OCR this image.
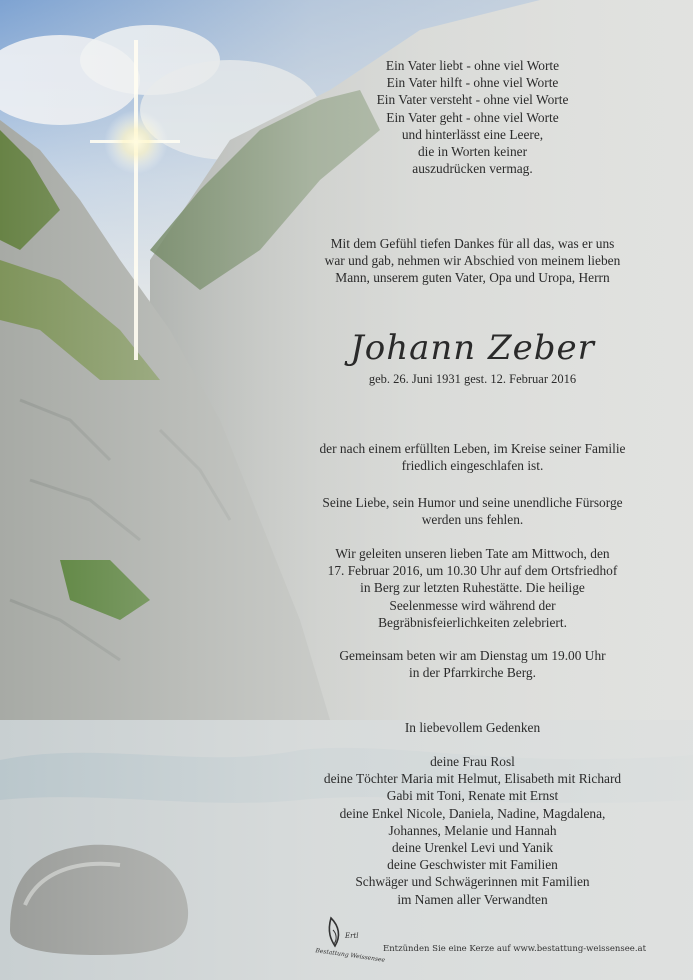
Ein Vater liebt - ohne viel Worte
Ein Vater hilft - ohne viel Worte
Ein Vater versteht - ohne viel Worte
Ein Vater geht - ohne viel Worte
und hinterlässt eine Leere,
die in Worten keiner
auszudrücken vermag.
Mit dem Gefühl tiefen Dankes für all das, was er uns
war und gab, nehmen wir Abschied von meinem lieben
Mann, unserem guten Vater, Opa und Uropa, Herrn
Johann Zeber
geb. 26. Juni 1931 gest. 12. Februar 2016
der nach einem erfüllten Leben, im Kreise seiner Familie
friedlich eingeschlafen ist.
Seine Liebe, sein Humor und seine unendliche Fürsorge
werden uns fehlen.
Wir geleiten unseren lieben Tate am Mittwoch, den
17. Februar 2016, um 10.30 Uhr auf dem Ortsfriedhof
in Berg zur letzten Ruhestätte. Die heilige
Seelenmesse wird während der
Begräbnisfeierlichkeiten zelebriert.
Gemeinsam beten wir am Dienstag um 19.00 Uhr
in der Pfarrkirche Berg.
In liebevollem Gedenken
deine Frau Rosl
deine Töchter Maria mit Helmut, Elisabeth mit Richard
Gabi mit Toni, Renate mit Ernst
deine Enkel Nicole, Daniela, Nadine, Magdalena,
Johannes, Melanie und Hannah
deine Urenkel Levi und Yanik
deine Geschwister mit Familien
Schwäger und Schwägerinnen mit Familien
im Namen aller Verwandten
Ertl
Bestattung Weissensee
Entzünden Sie eine Kerze auf www.bestattung-weissensee.at
